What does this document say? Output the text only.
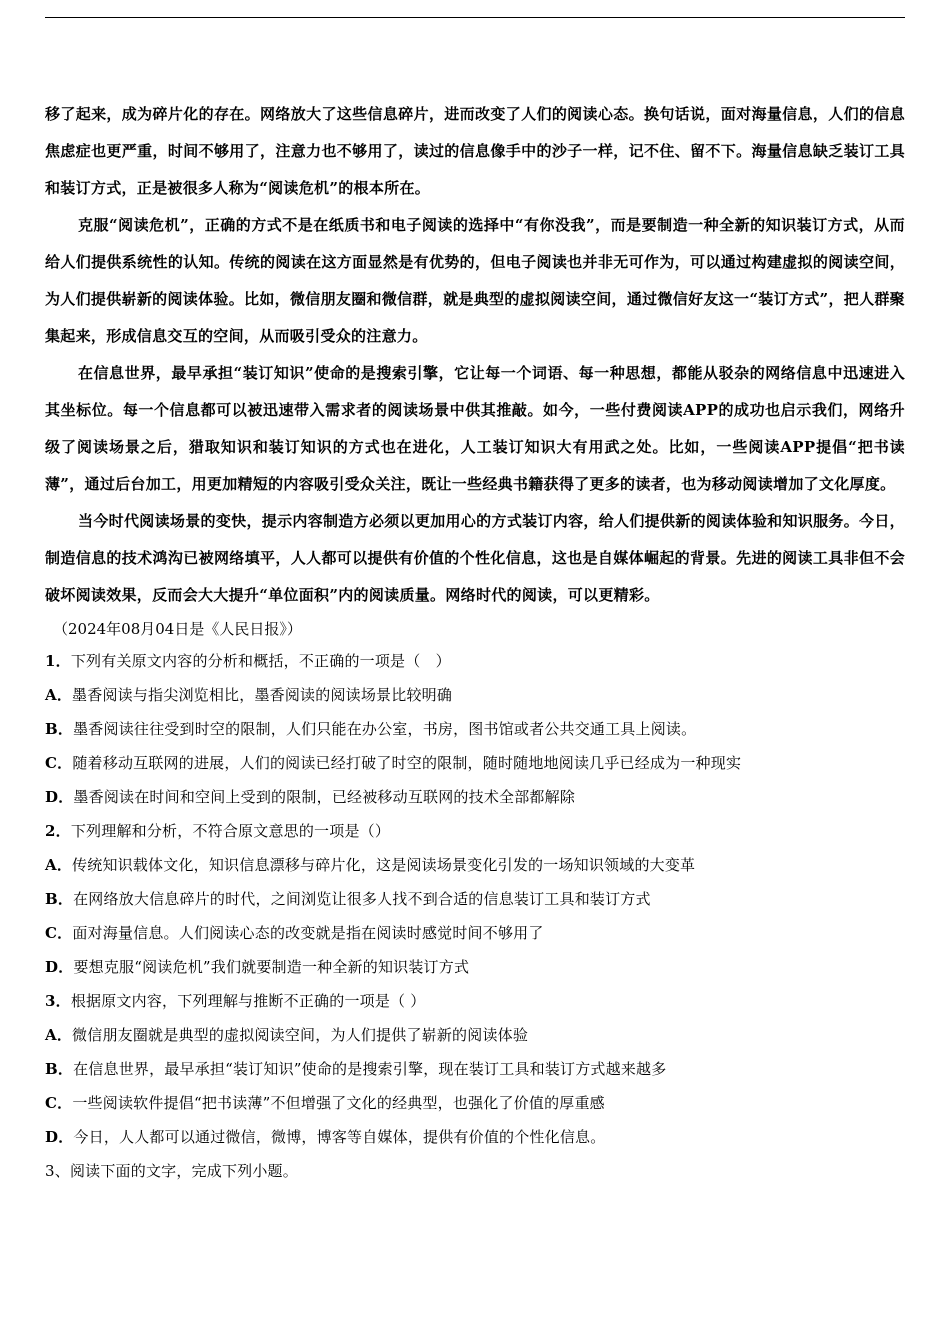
移了起来，成为碎片化的存在。网络放大了这些信息碎片，进而改变了人们的阅读心态。换句话说，面对海量信息，人们的信息焦虑症也更严重，时间不够用了，注意力也不够用了，读过的信息像手中的沙子一样，记不住、留不下。海量信息缺乏装订工具和装订方式，正是被很多人称为“阅读危机”的根本所在。

克服“阅读危机”，正确的方式不是在纸质书和电子阅读的选择中“有你没我”，而是要制造一种全新的知识装订方式，从而给人们提供系统性的认知。传统的阅读在这方面显然是有优势的，但电子阅读也并非无可作为，可以通过构建虚拟的阅读空间，为人们提供崭新的阅读体验。比如，微信朋友圈和微信群，就是典型的虚拟阅读空间，通过微信好友这一“装订方式”，把人群聚集起来，形成信息交互的空间，从而吸引受众的注意力。

在信息世界，最早承担“装订知识”使命的是搜索引擎，它让每一个词语、每一种思想，都能从驳杂的网络信息中迅速进入其坐标位。每一个信息都可以被迅速带入需求者的阅读场景中供其推敲。如今，一些付费阅读APP的成功也启示我们，网络升级了阅读场景之后，猎取知识和装订知识的方式也在进化，人工装订知识大有用武之处。比如，一些阅读APP提倡“把书读薄”，通过后台加工，用更加精短的内容吸引受众关注，既让一些经典书籍获得了更多的读者，也为移动阅读增加了文化厚度。

当今时代阅读场景的变快，提示内容制造方必须以更加用心的方式装订内容，给人们提供新的阅读体验和知识服务。今日，制造信息的技术鸿沟已被网络填平，人人都可以提供有价值的个性化信息，这也是自媒体崛起的背景。先进的阅读工具非但不会破坏阅读效果，反而会大大提升“单位面积”内的阅读质量。网络时代的阅读，可以更精彩。

（2024年08月04日是《人民日报》）
1．下列有关原文内容的分析和概括，不正确的一项是（　）
A．墨香阅读与指尖浏览相比，墨香阅读的阅读场景比较明确
B．墨香阅读往往受到时空的限制，人们只能在办公室，书房，图书馆或者公共交通工具上阅读。
C．随着移动互联网的进展，人们的阅读已经打破了时空的限制，随时随地地阅读几乎已经成为一种现实
D．墨香阅读在时间和空间上受到的限制，已经被移动互联网的技术全部都解除
2．下列理解和分析，不符合原文意思的一项是（）
A．传统知识载体文化，知识信息漂移与碎片化，这是阅读场景变化引发的一场知识领域的大变革
B．在网络放大信息碎片的时代，之间浏览让很多人找不到合适的信息装订工具和装订方式
C．面对海量信息。人们阅读心态的改变就是指在阅读时感觉时间不够用了
D．要想克服“阅读危机”我们就要制造一种全新的知识装订方式
3．根据原文内容，下列理解与推断不正确的一项是（ ）
A．微信朋友圈就是典型的虚拟阅读空间，为人们提供了崭新的阅读体验
B．在信息世界，最早承担“装订知识”使命的是搜索引擎，现在装订工具和装订方式越来越多
C．一些阅读软件提倡“把书读薄”不但增强了文化的经典型，也强化了价值的厚重感
D．今日，人人都可以通过微信，微博，博客等自媒体，提供有价值的个性化信息。
3、阅读下面的文字，完成下列小题。
